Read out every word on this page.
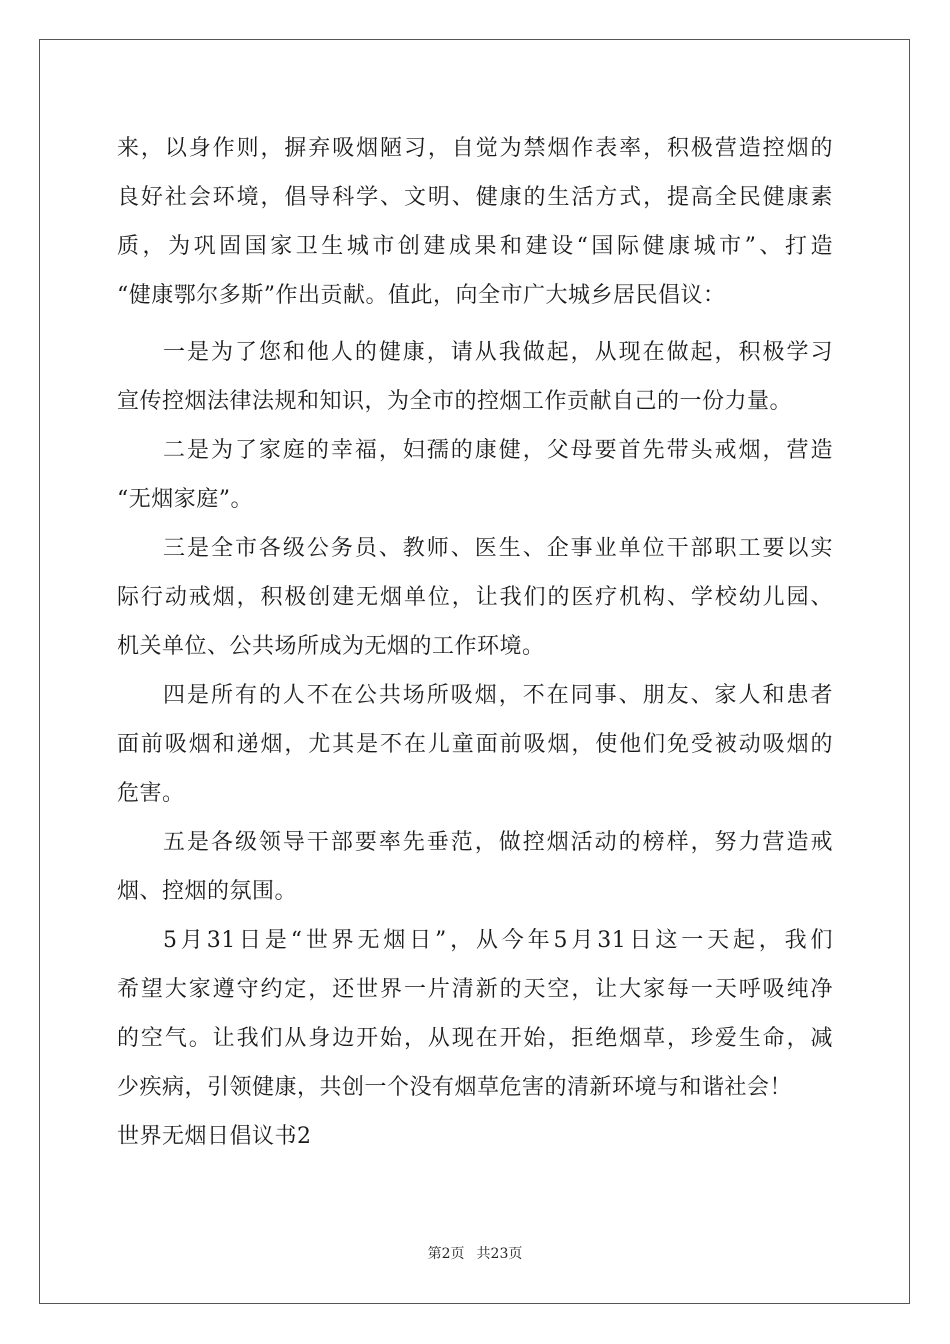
来，以身作则，摒弃吸烟陋习，自觉为禁烟作表率，积极营造控烟的
良好社会环境，倡导科学、文明、健康的生活方式，提高全民健康素
质，为巩固国家卫生城市创建成果和建设“国际健康城市”、打造
“健康鄂尔多斯”作出贡献。值此，向全市广大城乡居民倡议：
一是为了您和他人的健康，请从我做起，从现在做起，积极学习
宣传控烟法律法规和知识，为全市的控烟工作贡献自己的一份力量。
二是为了家庭的幸福，妇孺的康健，父母要首先带头戒烟，营造
“无烟家庭”。
三是全市各级公务员、教师、医生、企事业单位干部职工要以实
际行动戒烟，积极创建无烟单位，让我们的医疗机构、学校幼儿园、
机关单位、公共场所成为无烟的工作环境。
四是所有的人不在公共场所吸烟，不在同事、朋友、家人和患者
面前吸烟和递烟，尤其是不在儿童面前吸烟，使他们免受被动吸烟的
危害。
五是各级领导干部要率先垂范，做控烟活动的榜样，努力营造戒
烟、控烟的氛围。
5月31日是“世界无烟日”，从今年5月31日这一天起，我们
希望大家遵守约定，还世界一片清新的天空，让大家每一天呼吸纯净
的空气。让我们从身边开始，从现在开始，拒绝烟草，珍爱生命，减
少疾病，引领健康，共创一个没有烟草危害的清新环境与和谐社会！
世界无烟日倡议书2
第2页 共23页
